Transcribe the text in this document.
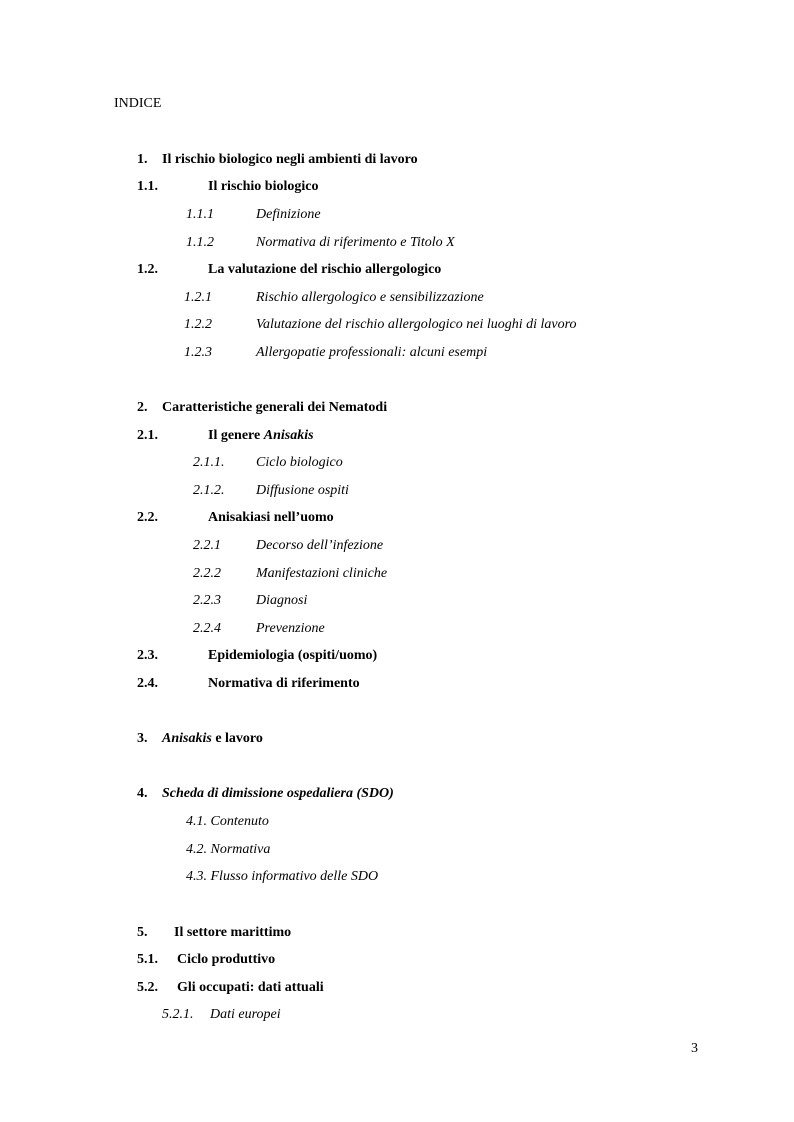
INDICE
1. Il rischio biologico negli ambienti di lavoro
1.1.	Il rischio biologico
1.1.1	Definizione
1.1.2	Normativa di riferimento e Titolo X
1.2.	La valutazione del rischio allergologico
1.2.1	Rischio allergologico e sensibilizzazione
1.2.2	Valutazione del rischio allergologico nei luoghi di lavoro
1.2.3	Allergopatie professionali: alcuni esempi
2. Caratteristiche generali dei Nematodi
2.1.	Il genere Anisakis
2.1.1. Ciclo biologico
2.1.2. Diffusione ospiti
2.2.	Anisakiasi nell’uomo
2.2.1	Decorso dell’infezione
2.2.2	Manifestazioni cliniche
2.2.3	Diagnosi
2.2.4	Prevenzione
2.3.	Epidemiologia (ospiti/uomo)
2.4.	Normativa di riferimento
3. Anisakis e lavoro
4. Scheda di dimissione ospedaliera (SDO)
4.1. Contenuto
4.2. Normativa
4.3. Flusso informativo delle SDO
5. Il settore marittimo
5.1. Ciclo produttivo
5.2. Gli occupati: dati attuali
5.2.1. Dati europei
3
